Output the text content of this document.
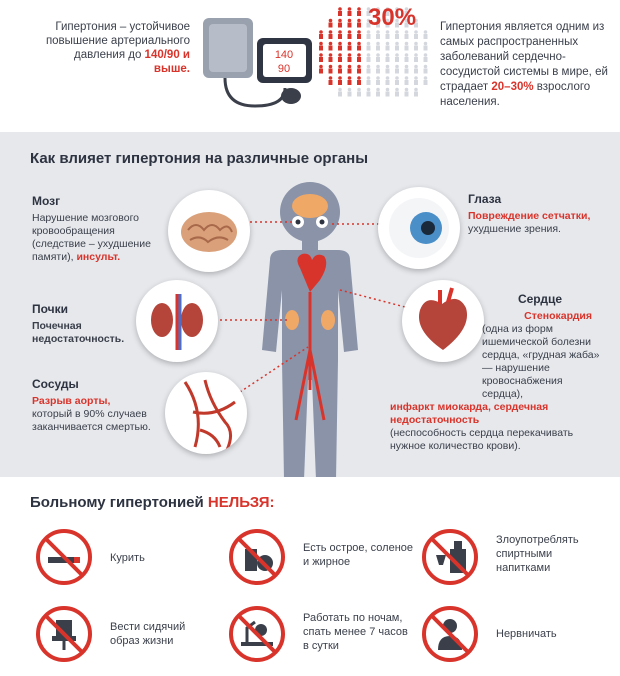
Гипертония – устойчивое повышение артериального давления до 140/90 и выше.
140
90
30% Гипертония является одним из самых распространенных заболеваний сердечно-сосудистой системы в мире, ей страдает 20–30% взрослого населения.
Как влияет гипертония на различные органы
Мозг
Нарушение мозгового кровообращения (следствие – ухудшение памяти), инсульт.
Глаза
Повреждение сетчатки,
ухудшение зрения.
Почки
Почечная недостаточность.
Сердце
Стенокардия
(одна из форм ишемической болезни сердца, «грудная жаба» — нарушение кровоснабжения сердца),
инфаркт миокарда, сердечная недостаточность
(неспособность сердца перекачивать нужное количество крови).
Сосуды
Разрыв аорты,
который в 90% случаев заканчивается смертью.
Больному гипертонией НЕЛЬЗЯ:
Курить
Есть острое, соленое и жирное
Злоупотреблять спиртными напитками
Вести сидячий образ жизни
Работать по ночам, спать менее 7 часов в сутки
Нервничать
